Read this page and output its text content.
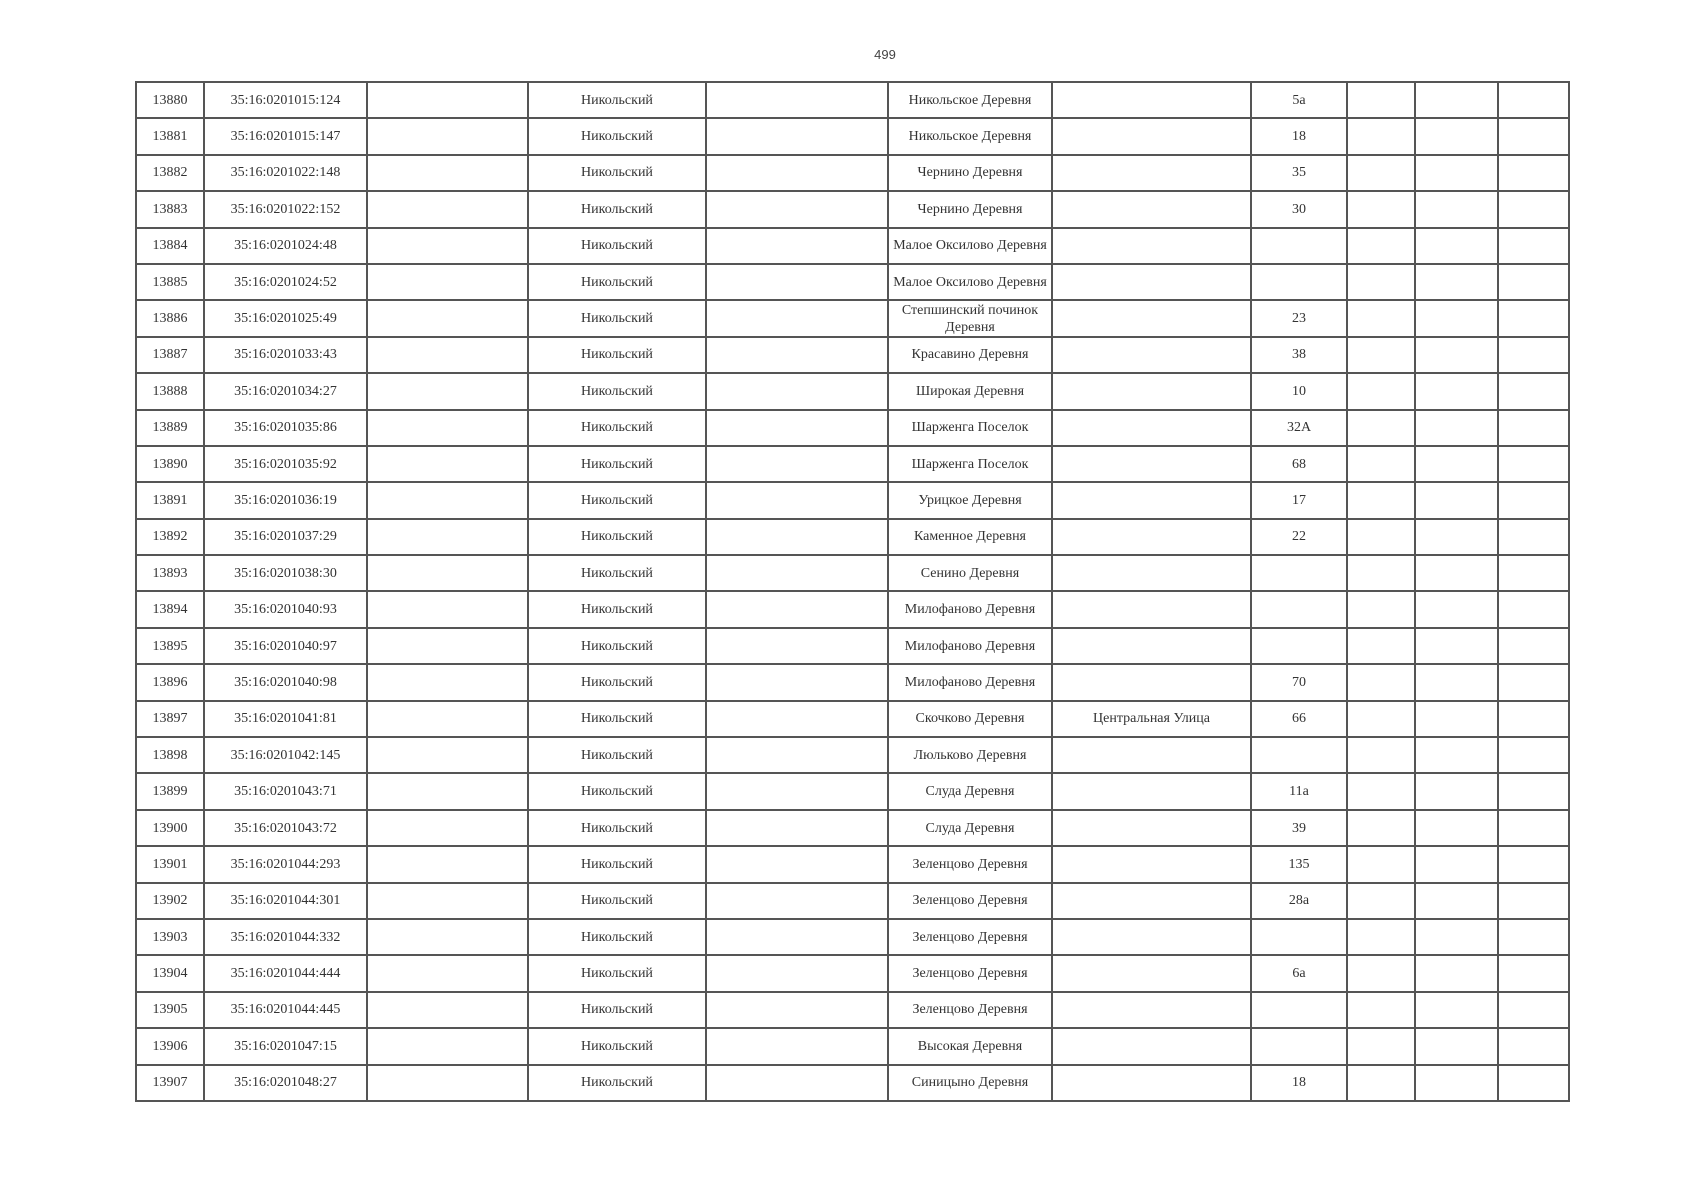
499
13880	35:16:0201015:124		Никольский		Никольское Деревня		5а			
13881	35:16:0201015:147		Никольский		Никольское Деревня		18			
13882	35:16:0201022:148		Никольский		Чернино Деревня		35			
13883	35:16:0201022:152		Никольский		Чернино Деревня		30			
13884	35:16:0201024:48		Никольский		Малое Оксилово Деревня					
13885	35:16:0201024:52		Никольский		Малое Оксилово Деревня					
13886	35:16:0201025:49		Никольский		Степшинский починок Деревня		23			
13887	35:16:0201033:43		Никольский		Красавино Деревня		38			
13888	35:16:0201034:27		Никольский		Широкая Деревня		10			
13889	35:16:0201035:86		Никольский		Шарженга Поселок		32А			
13890	35:16:0201035:92		Никольский		Шарженга Поселок		68			
13891	35:16:0201036:19		Никольский		Урицкое Деревня		17			
13892	35:16:0201037:29		Никольский		Каменное Деревня		22			
13893	35:16:0201038:30		Никольский		Сенино Деревня					
13894	35:16:0201040:93		Никольский		Милофаново Деревня					
13895	35:16:0201040:97		Никольский		Милофаново Деревня					
13896	35:16:0201040:98		Никольский		Милофаново Деревня		70			
13897	35:16:0201041:81		Никольский		Скочково Деревня	Центральная Улица	66			
13898	35:16:0201042:145		Никольский		Люльково Деревня					
13899	35:16:0201043:71		Никольский		Слуда Деревня		11а			
13900	35:16:0201043:72		Никольский		Слуда Деревня		39			
13901	35:16:0201044:293		Никольский		Зеленцово Деревня		135			
13902	35:16:0201044:301		Никольский		Зеленцово Деревня		28а			
13903	35:16:0201044:332		Никольский		Зеленцово Деревня					
13904	35:16:0201044:444		Никольский		Зеленцово Деревня		6а			
13905	35:16:0201044:445		Никольский		Зеленцово Деревня					
13906	35:16:0201047:15		Никольский		Высокая Деревня					
13907	35:16:0201048:27		Никольский		Синицыно Деревня		18			
